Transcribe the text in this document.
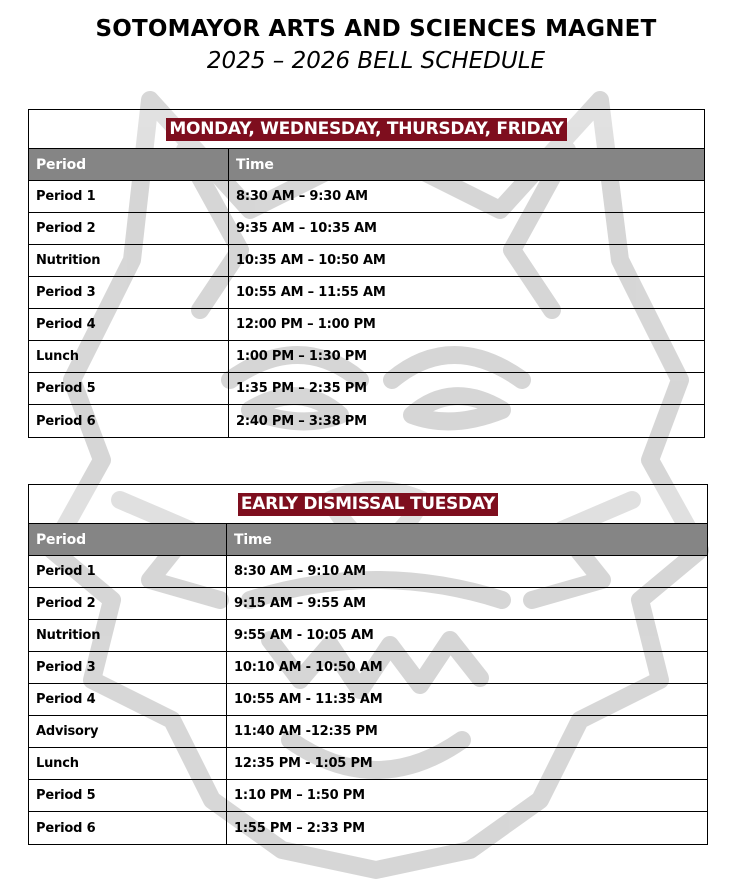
SOTOMAYOR ARTS AND SCIENCES MAGNET
2025 – 2026 BELL SCHEDULE
MONDAY, WEDNESDAY, THURSDAY, FRIDAY
Period	Time
Period 1	8:30 AM – 9:30 AM
Period 2	9:35 AM – 10:35 AM
Nutrition	10:35 AM – 10:50 AM
Period 3	10:55 AM – 11:55 AM
Period 4	12:00 PM – 1:00 PM
Lunch	1:00 PM – 1:30 PM
Period 5	1:35 PM – 2:35 PM
Period 6	2:40 PM – 3:38 PM
EARLY DISMISSAL TUESDAY
Period	Time
Period 1	8:30 AM – 9:10 AM
Period 2	9:15 AM – 9:55 AM
Nutrition	9:55 AM - 10:05 AM
Period 3	10:10 AM - 10:50 AM
Period 4	10:55 AM - 11:35 AM
Advisory	11:40 AM -12:35 PM
Lunch	12:35 PM - 1:05 PM
Period 5	1:10 PM – 1:50 PM
Period 6	1:55 PM – 2:33 PM
